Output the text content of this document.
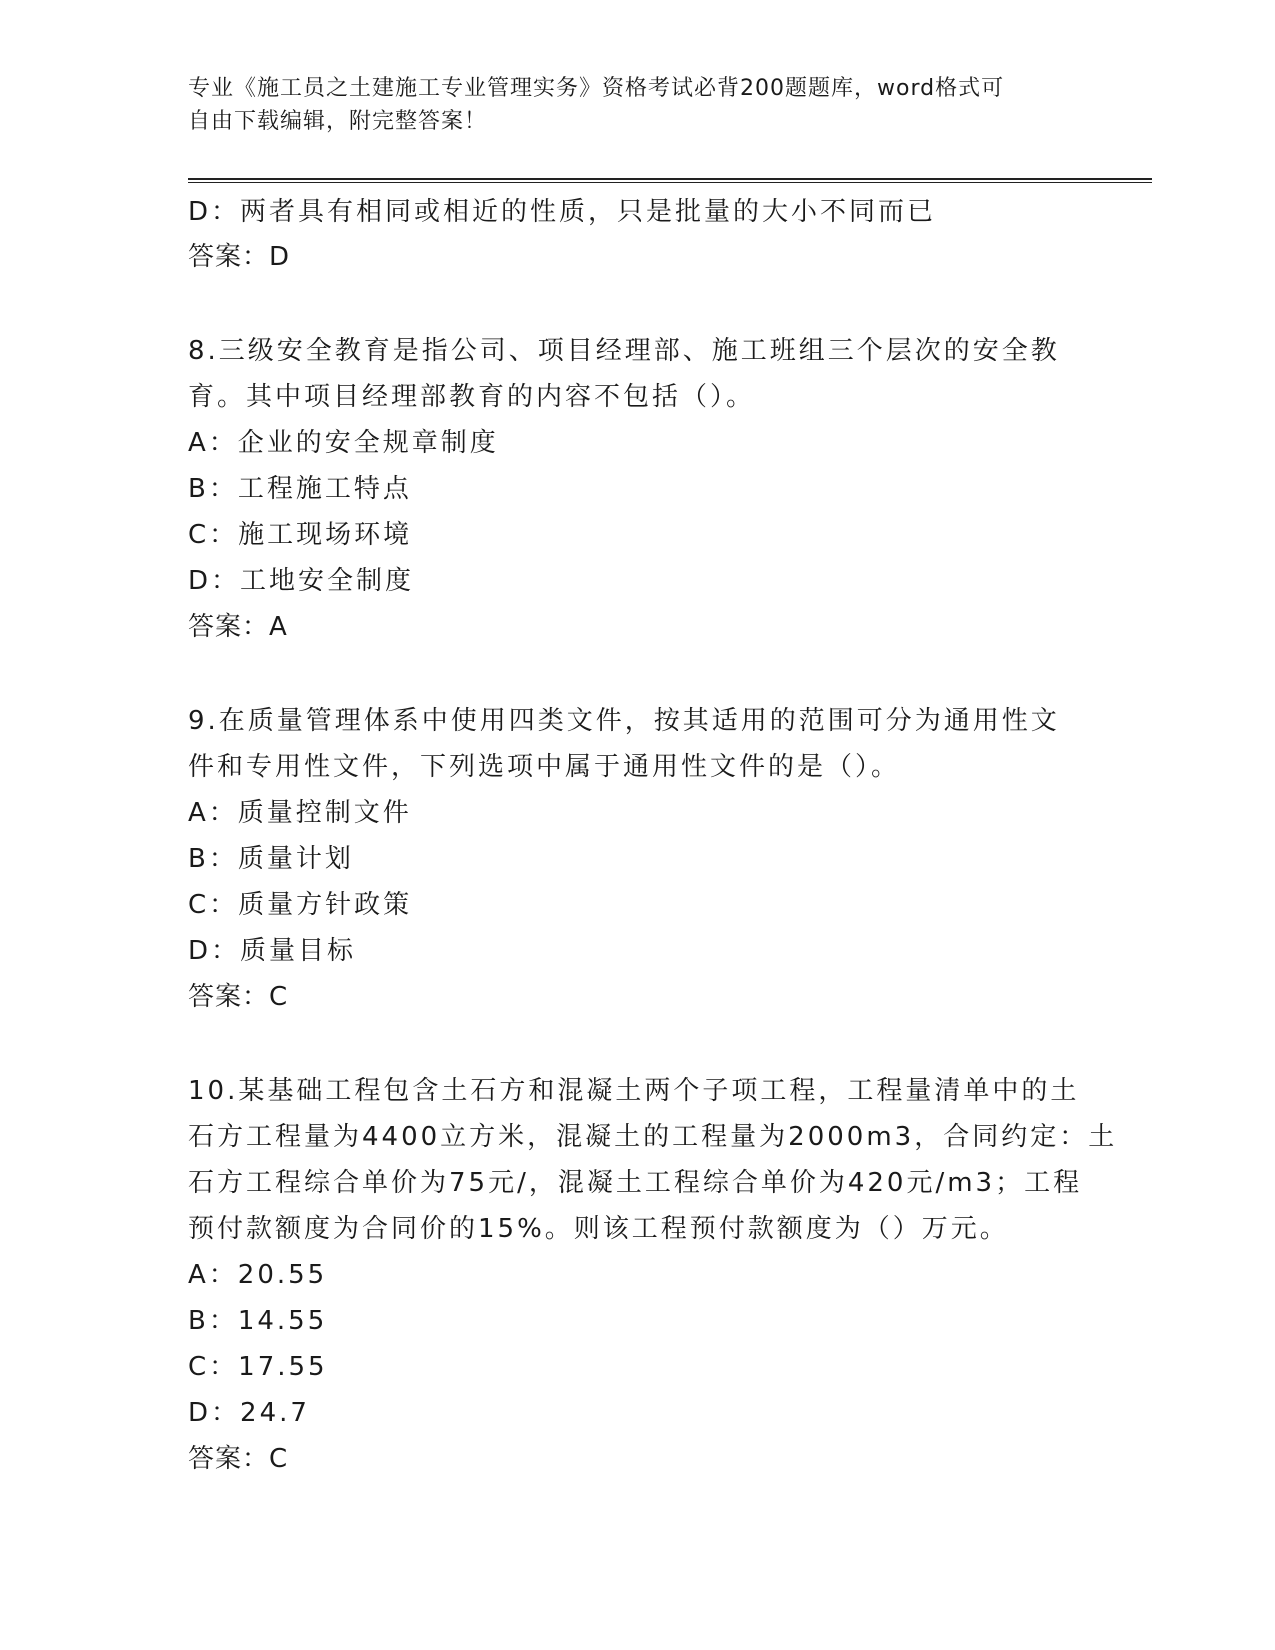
专业《施工员之土建施工专业管理实务》资格考试必背200题题库，word格式可
自由下载编辑，附完整答案！
D：两者具有相同或相近的性质，只是批量的大小不同而已
答案：D
8.三级安全教育是指公司、项目经理部、施工班组三个层次的安全教
育。其中项目经理部教育的内容不包括（）。
A：企业的安全规章制度
B：工程施工特点
C：施工现场环境
D：工地安全制度
答案：A
9.在质量管理体系中使用四类文件，按其适用的范围可分为通用性文
件和专用性文件，下列选项中属于通用性文件的是（）。
A：质量控制文件
B：质量计划
C：质量方针政策
D：质量目标
答案：C
10.某基础工程包含土石方和混凝土两个子项工程，工程量清单中的土
石方工程量为4400立方米，混凝土的工程量为2000m3，合同约定：土
石方工程综合单价为75元/，混凝土工程综合单价为420元/m3；工程
预付款额度为合同价的15%。则该工程预付款额度为（）万元。
A：20.55
B：14.55
C：17.55
D：24.7
答案：C
